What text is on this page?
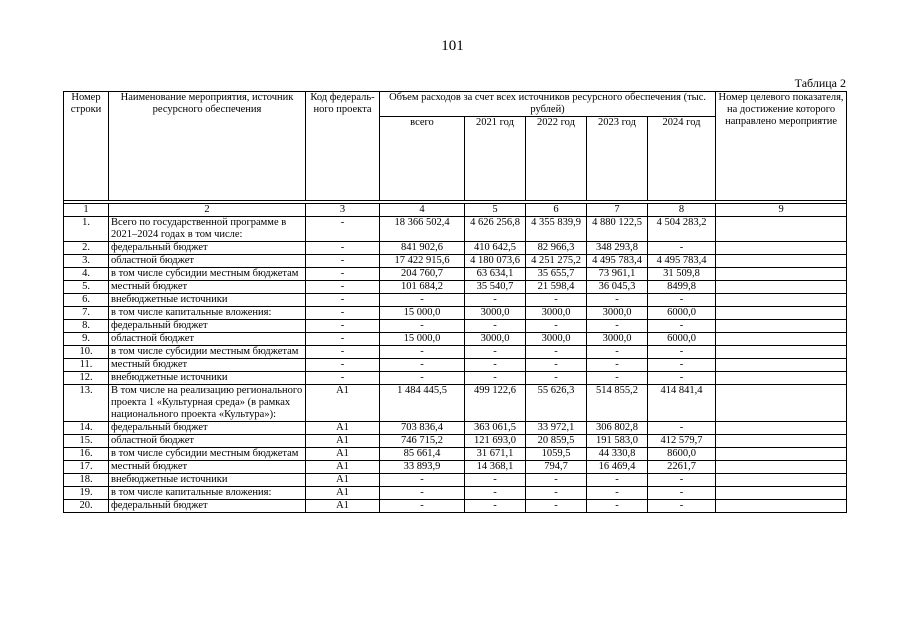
101
Таблица 2
Номер строки	Наименование мероприятия, источник ресурсного обеспечения	Код федераль-ного проекта	Объем расходов за счет всех источников ресурсного обеспечения (тыс. рублей)					Номер целевого показателя, на достижение которого направлено мероприятие
			всего	2021 год	2022 год	2023 год	2024 год	

1	2	3	4	5	6	7	8	9
1.	Всего по государственной программе в 2021–2024 годах в том числе:	-	18 366 502,4	4 626 256,8	4 355 839,9	4 880 122,5	4 504 283,2	
2.	федеральный бюджет	-	841 902,6	410 642,5	82 966,3	348 293,8	-	
3.	областной бюджет	-	17 422 915,6	4 180 073,6	4 251 275,2	4 495 783,4	4 495 783,4	
4.	в том числе субсидии местным бюджетам	-	204 760,7	63 634,1	35 655,7	73 961,1	31 509,8	
5.	местный бюджет	-	101 684,2	35 540,7	21 598,4	36 045,3	8499,8	
6.	внебюджетные источники	-	-	-	-	-	-	
7.	в том числе капитальные вложения:	-	15 000,0	3000,0	3000,0	3000,0	6000,0	
8.	федеральный бюджет	-	-	-	-	-	-	
9.	областной бюджет	-	15 000,0	3000,0	3000,0	3000,0	6000,0	
10.	в том числе субсидии местным бюджетам	-	-	-	-	-	-	
11.	местный бюджет	-	-	-	-	-	-	
12.	внебюджетные источники	-	-	-	-	-	-	
13.	В том числе на реализацию регионального проекта 1 «Культурная среда» (в рамках национального проекта «Культура»):	А1	1 484 445,5	499 122,6	55 626,3	514 855,2	414 841,4	
14.	федеральный бюджет	А1	703 836,4	363 061,5	33 972,1	306 802,8	-	
15.	областной бюджет	А1	746 715,2	121 693,0	20 859,5	191 583,0	412 579,7	
16.	в том числе субсидии местным бюджетам	А1	85 661,4	31 671,1	1059,5	44 330,8	8600,0	
17.	местный бюджет	А1	33 893,9	14 368,1	794,7	16 469,4	2261,7	
18.	внебюджетные источники	А1	-	-	-	-	-	
19.	в том числе капитальные вложения:	А1	-	-	-	-	-	
20.	федеральный бюджет	А1	-	-	-	-	-	
